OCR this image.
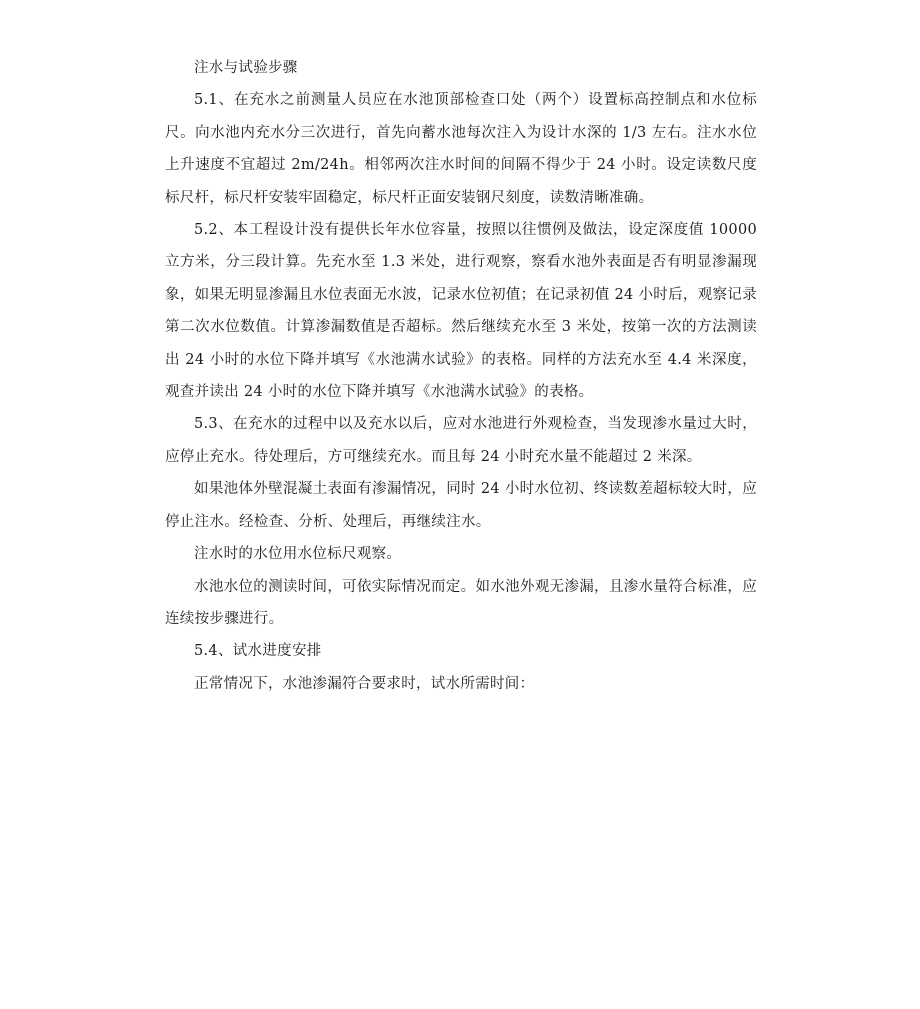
注水与试验步骤

5.1、在充水之前测量人员应在水池顶部检查口处（两个）设置标高控制点和水位标尺。向水池内充水分三次进行，首先向蓄水池每次注入为设计水深的 1/3 左右。注水水位上升速度不宜超过 2m/24h。相邻两次注水时间的间隔不得少于 24 小时。设定读数尺度标尺杆，标尺杆安装牢固稳定，标尺杆正面安装钢尺刻度，读数清晰准确。

5.2、本工程设计没有提供长年水位容量，按照以往惯例及做法，设定深度值 10000 立方米，分三段计算。先充水至 1.3 米处，进行观察，察看水池外表面是否有明显渗漏现象，如果无明显渗漏且水位表面无水波，记录水位初值；在记录初值 24 小时后，观察记录第二次水位数值。计算渗漏数值是否超标。然后继续充水至 3 米处，按第一次的方法测读出 24 小时的水位下降并填写《水池满水试验》的表格。同样的方法充水至 4.4 米深度，观查并读出 24 小时的水位下降并填写《水池满水试验》的表格。

5.3、在充水的过程中以及充水以后，应对水池进行外观检查，当发现渗水量过大时，应停止充水。待处理后，方可继续充水。而且每 24 小时充水量不能超过 2 米深。

如果池体外壁混凝土表面有渗漏情况，同时 24 小时水位初、终读数差超标较大时，应停止注水。经检查、分析、处理后，再继续注水。

注水时的水位用水位标尺观察。

水池水位的测读时间，可依实际情况而定。如水池外观无渗漏，且渗水量符合标准，应连续按步骤进行。

5.4、试水进度安排

正常情况下，水池渗漏符合要求时，试水所需时间：
